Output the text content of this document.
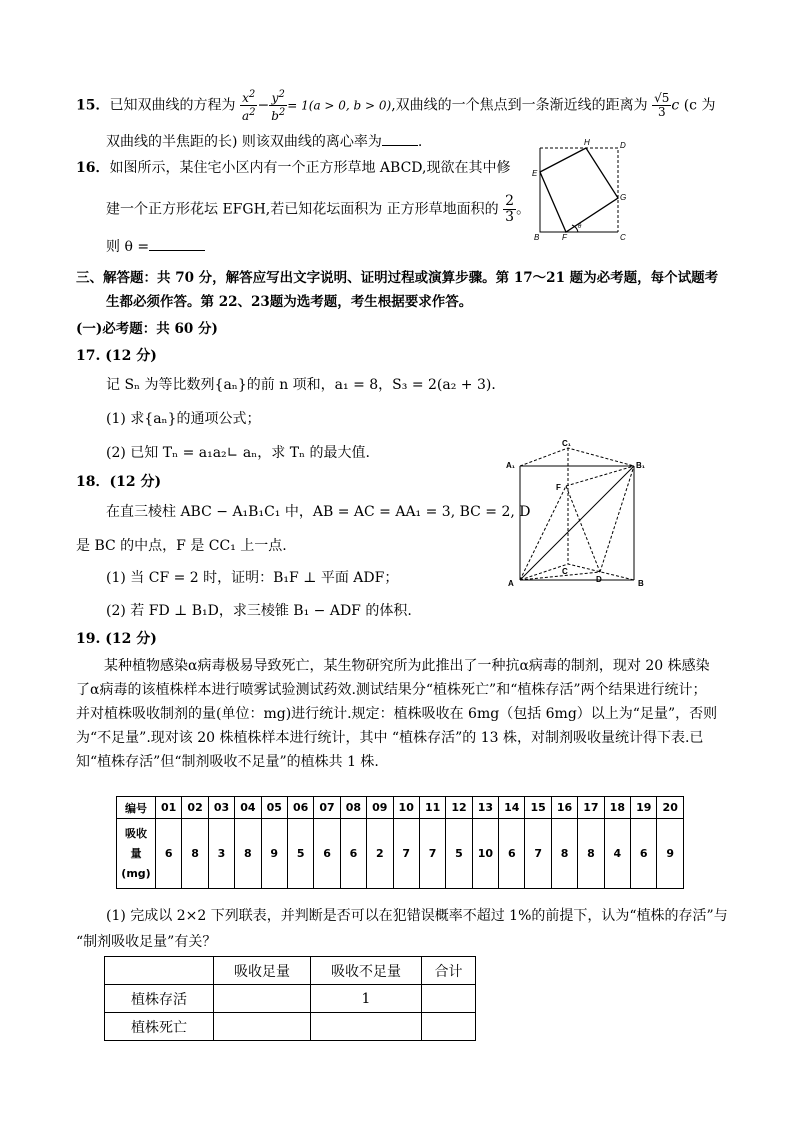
15．已知双曲线的方程为 $\frac{x^2}{a^2} - \frac{y^2}{b^2} = 1(a > 0$, b > 0),双曲线的一个焦点到一条渐近线的距离为 $\frac{√5}{3}$ c (c 为
双曲线的半焦距的长) 则该双曲线的离心率为	.
16．如图所示，某住宅小区内有一个正方形草地 ABCD,现欲在其中修
建一个正方形花坛 EFGH,若已知花坛面积为 正方形草地面积的 $\frac{2}{3}$ 。
则 θ =
B	C
D
E
F
G
H
θ
三、解答题：共 70 分，解答应写出文字说明、证明过程或演算步骤。第 17～21 题为必考题，每个试题考
生都必须作答。第 22、23题为选考题，考生根据要求作答。
(一)必考题：共 60 分)
17. (12 分)
记 Sₙ 为等比数列{aₙ}的前 n 项和，a₁ = 8，S₃ = 2(a₂ + 3)．
(1) 求{aₙ}的通项公式；
(2) 已知 Tₙ = a₁a₂∟ aₙ，求 Tₙ 的最大值.
18．(12 分)
在直三棱柱 ABC − A₁B₁C₁ 中，AB = AC = AA₁ = 3, BC = 2, D
是 BC 的中点，F 是 CC₁ 上一点.
(1) 当 CF = 2 时，证明：B₁F ⊥ 平面 ADF；
(2) 若 FD ⊥ B₁D，求三棱锥 B₁ − ADF 的体积.
A	B
C
D
F
A₁	B₁
C₁
19. (12 分)
某种植物感染α病毒极易导致死亡，某生物研究所为此推出了一种抗α病毒的制剂，现对 20 株感染了α病毒的该植株样本进行喷雾试验测试药效.测试结果分“植株死亡”和“植株存活”两个结果进行统计；并对植株吸收制剂的量(单位：mg)进行统计.规定：植株吸收在 6mg（包括 6mg）以上为“足量”，否则为“不足量”.现对该 20 株植株样本进行统计，其中 “植株存活”的 13 株，对制剂吸收量统计得下表.已知“植株存活”但“制剂吸收不足量”的植株共 1 株.
编号	01	02	03	04	05	06	07	08	09	10	11	12	13	14	15	16	17	18	19	20
吸收
量
(mg)	6	8	3	8	9	5	6	6	2	7	7	5	10	6	7	8	8	4	6	9
(1) 完成以 2×2 下列联表，并判断是否可以在犯错误概率不超过 1%的前提下，认为“植株的存活”与
“制剂吸收足量”有关？
	吸收足量	吸收不足量	合计
植株存活		1	
植株死亡			
